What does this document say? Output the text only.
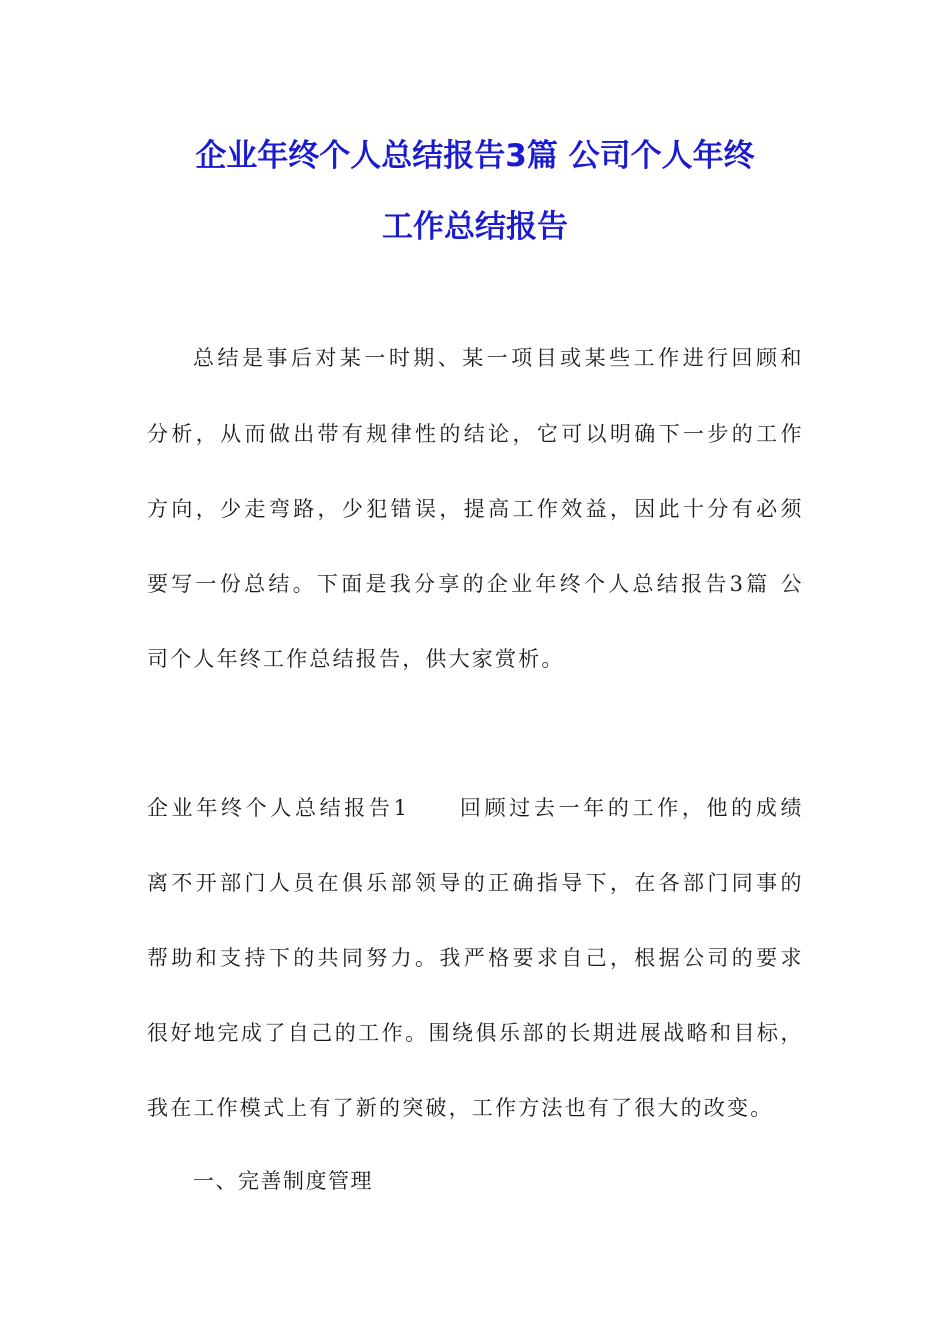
企业年终个人总结报告3篇 公司个人年终
工作总结报告

总结是事后对某一时期、某一项目或某些工作进行回顾和

分析，从而做出带有规律性的结论，它可以明确下一步的工作

方向，少走弯路，少犯错误，提高工作效益，因此十分有必须

要写一份总结。下面是我分享的企业年终个人总结报告3篇 公

司个人年终工作总结报告，供大家赏析。

企业年终个人总结报告1　　回顾过去一年的工作，他的成绩

离不开部门人员在俱乐部领导的正确指导下，在各部门同事的

帮助和支持下的共同努力。我严格要求自己，根据公司的要求

很好地完成了自己的工作。围绕俱乐部的长期进展战略和目标，

我在工作模式上有了新的突破，工作方法也有了很大的改变。

一、完善制度管理
